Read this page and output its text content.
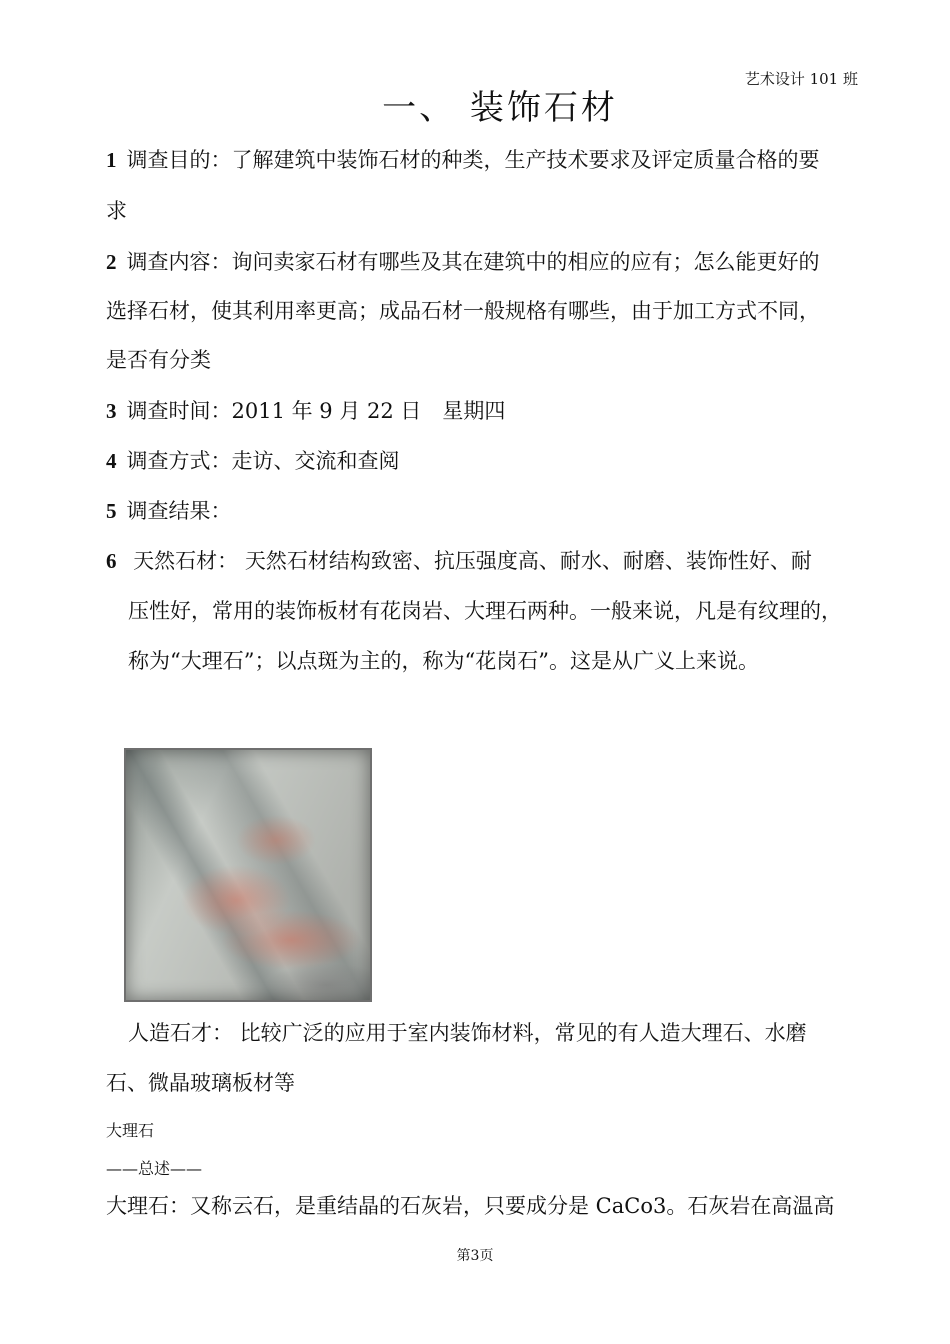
艺术设计 101 班
一、 装饰石材
1 调查目的：了解建筑中装饰石材的种类，生产技术要求及评定质量合格的要
求
2 调查内容：询问卖家石材有哪些及其在建筑中的相应的应有；怎么能更好的
选择石材，使其利用率更高；成品石材一般规格有哪些，由于加工方式不同，
是否有分类
3 调查时间：2011 年 9 月 22 日　星期四
4 调查方式：走访、交流和查阅
5 调查结果：
6 天然石材： 天然石材结构致密、抗压强度高、耐水、耐磨、装饰性好、耐
压性好，常用的装饰板材有花岗岩、大理石两种。一般来说，凡是有纹理的，
称为“大理石”；以点斑为主的，称为“花岗石”。这是从广义上来说。
人造石才： 比较广泛的应用于室内装饰材料，常见的有人造大理石、水磨
石、微晶玻璃板材等
大理石
——总述——
大理石：又称云石，是重结晶的石灰岩，只要成分是 CaCo3。石灰岩在高温高
第3页
